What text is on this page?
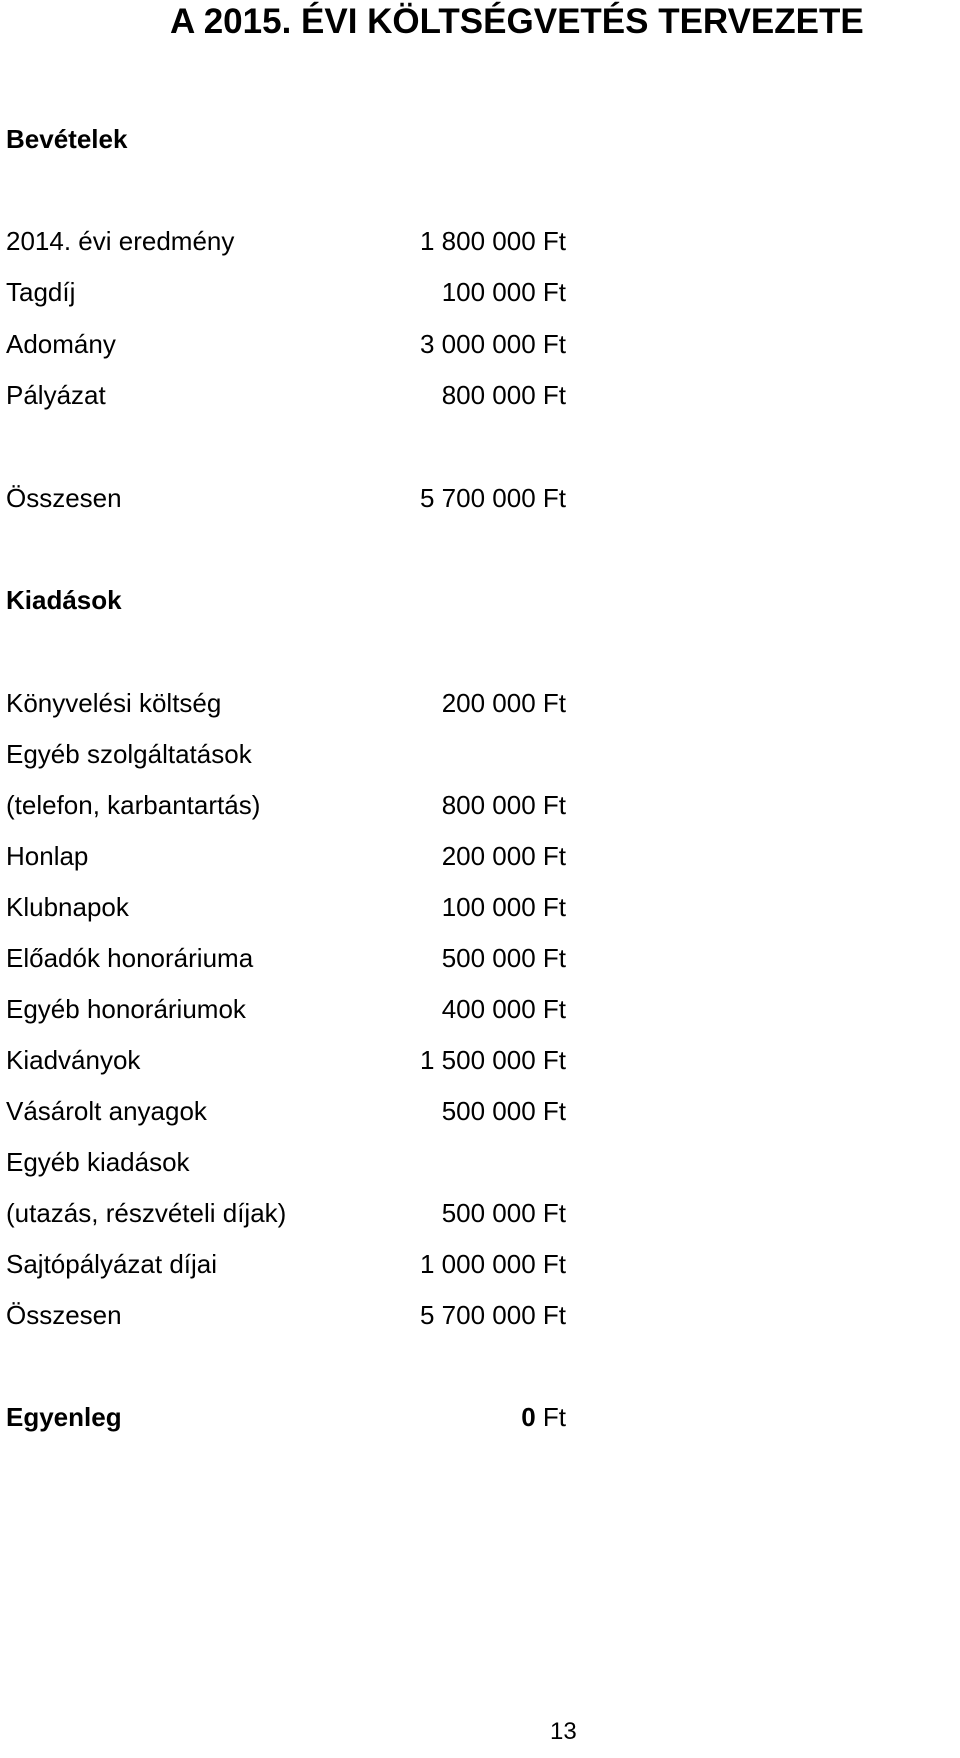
A 2015. ÉVI KÖLTSÉGVETÉS TERVEZETE
Bevételek
2014. évi eredmény	1 800 000 Ft
Tagdíj	100 000 Ft
Adomány	3 000 000 Ft
Pályázat	800 000 Ft
Összesen	5 700 000 Ft
Kiadások
Könyvelési költség	200 000 Ft
Egyéb szolgáltatások
(telefon, karbantartás)	800 000 Ft
Honlap	200 000 Ft
Klubnapok	100 000 Ft
Előadók honoráriuma	500 000 Ft
Egyéb honoráriumok	400 000 Ft
Kiadványok	1 500 000 Ft
Vásárolt anyagok	500 000 Ft
Egyéb kiadások
(utazás, részvételi díjak)	500 000 Ft
Sajtópályázat díjai	1 000 000 Ft
Összesen	5 700 000 Ft
Egyenleg	0 Ft
13
